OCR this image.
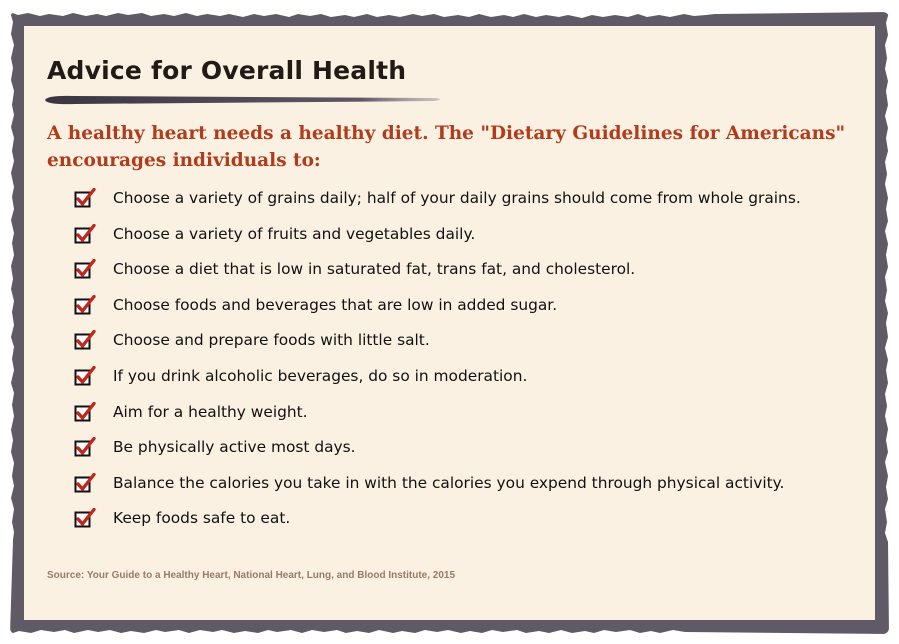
Advice for Overall Health

A healthy heart needs a healthy diet. The "Dietary Guidelines for Americans" encourages individuals to:

Choose a variety of grains daily; half of your daily grains should come from whole grains.
Choose a variety of fruits and vegetables daily.
Choose a diet that is low in saturated fat, trans fat, and cholesterol.
Choose foods and beverages that are low in added sugar.
Choose and prepare foods with little salt.
If you drink alcoholic beverages, do so in moderation.
Aim for a healthy weight.
Be physically active most days.
Balance the calories you take in with the calories you expend through physical activity.
Keep foods safe to eat.

Source: Your Guide to a Healthy Heart, National Heart, Lung, and Blood Institute, 2015
